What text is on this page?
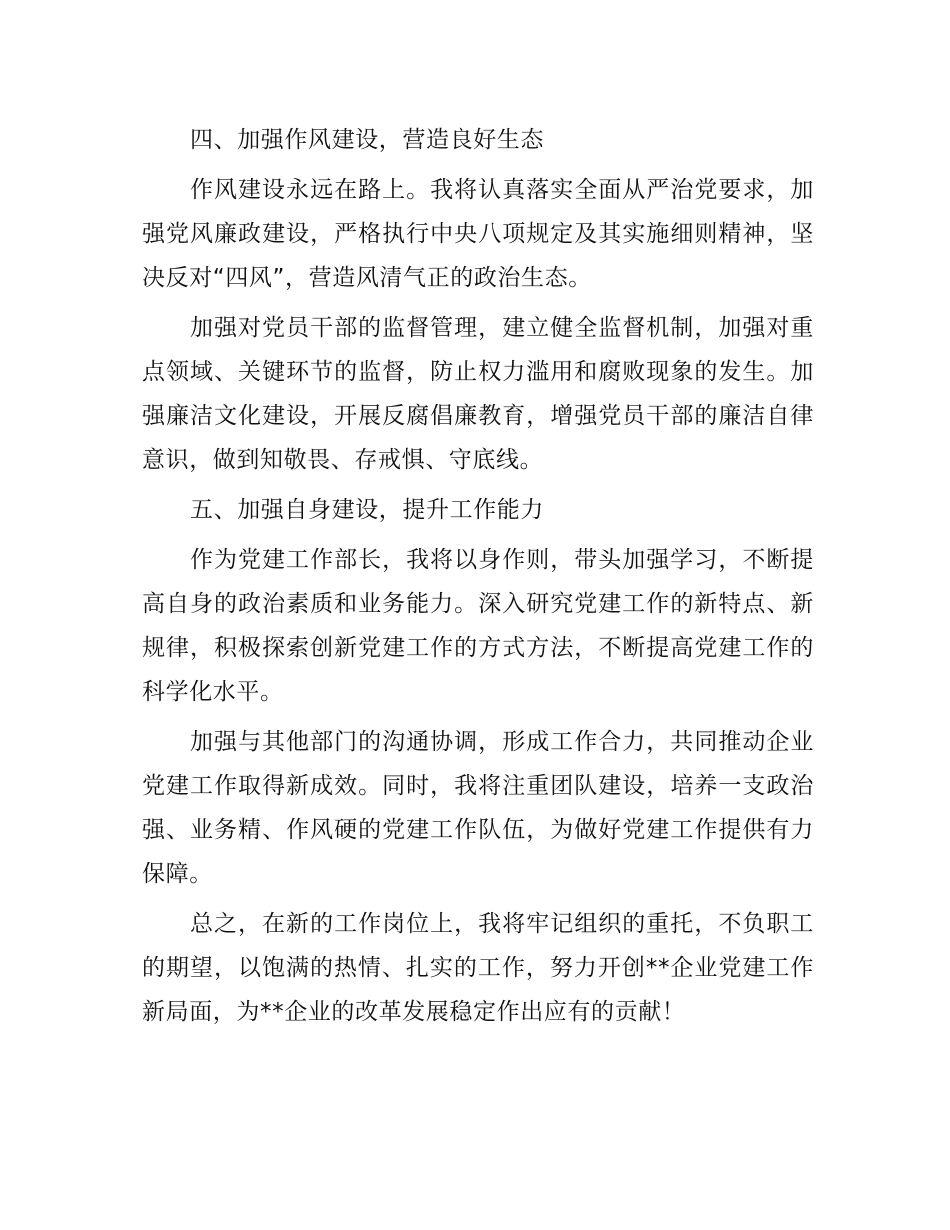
四、加强作风建设，营造良好生态

作风建设永远在路上。我将认真落实全面从严治党要求，加强党风廉政建设，严格执行中央八项规定及其实施细则精神，坚决反对“四风”，营造风清气正的政治生态。

加强对党员干部的监督管理，建立健全监督机制，加强对重点领域、关键环节的监督，防止权力滥用和腐败现象的发生。加强廉洁文化建设，开展反腐倡廉教育，增强党员干部的廉洁自律意识，做到知敬畏、存戒惧、守底线。

五、加强自身建设，提升工作能力

作为党建工作部长，我将以身作则，带头加强学习，不断提高自身的政治素质和业务能力。深入研究党建工作的新特点、新规律，积极探索创新党建工作的方式方法，不断提高党建工作的科学化水平。

加强与其他部门的沟通协调，形成工作合力，共同推动企业党建工作取得新成效。同时，我将注重团队建设，培养一支政治强、业务精、作风硬的党建工作队伍，为做好党建工作提供有力保障。

总之，在新的工作岗位上，我将牢记组织的重托，不负职工的期望，以饱满的热情、扎实的工作，努力开创**企业党建工作新局面，为**企业的改革发展稳定作出应有的贡献！
